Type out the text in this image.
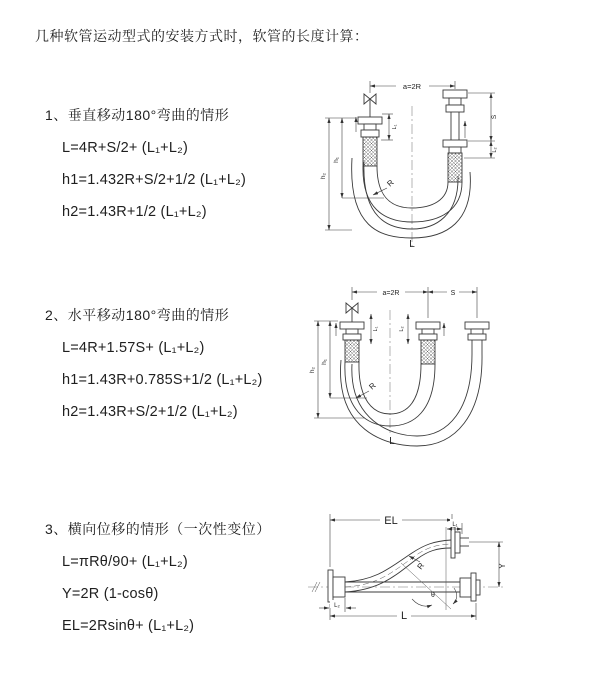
几种软管运动型式的安装方式时，软管的长度计算：
1、垂直移动180°弯曲的情形

L=4R+S/2+ (L₁+L₂)

h1=1.432R+S/2+1/2 (L₁+L₂)

h2=1.43R+1/2 (L₁+L₂)

2、水平移动180°弯曲的情形

L=4R+1.57S+ (L₁+L₂)

h1=1.43R+0.785S+1/2 (L₁+L₂)

h2=1.43R+S/2+1/2 (L₁+L₂)

3、横向位移的情形（一次性变位）

L=πRθ/90+ (L₁+L₂)

Y=2R (1-cosθ)

EL=2Rsinθ+ (L₁+L₂)

a=2R
h₂
h₁
L₁
S
L₂
R
L
a=2R	S
h₂
h₁
L₁	L₂
R
L
θ
R
EL	L₁
Y
L
L₂
